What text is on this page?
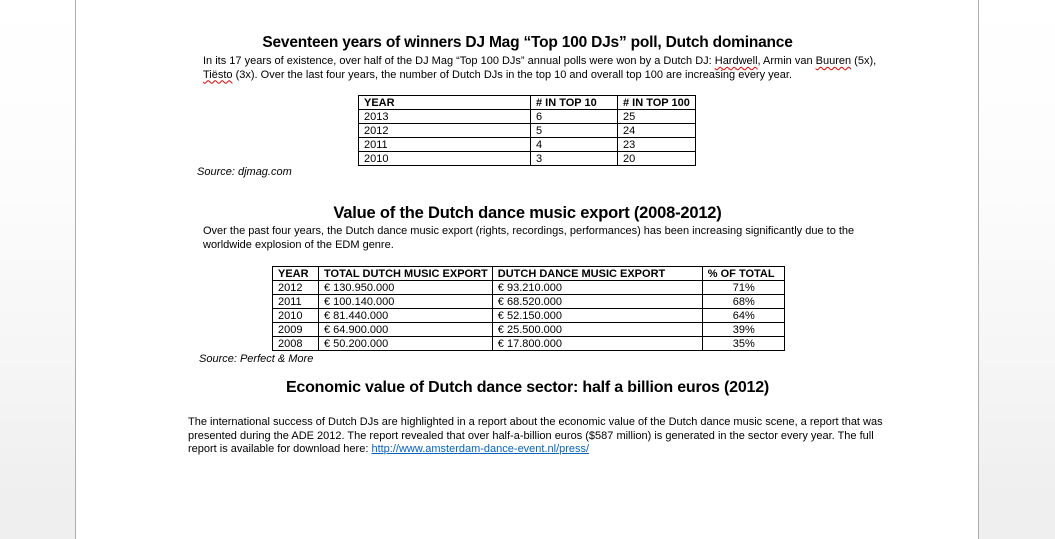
Seventeen years of winners DJ Mag “Top 100 DJs” poll, Dutch dominance
In its 17 years of existence, over half of the DJ Mag “Top 100 DJs” annual polls were won by a Dutch DJ: Hardwell, Armin van Buuren (5x), Tiësto (3x). Over the last four years, the number of Dutch DJs in the top 10 and overall top 100 are increasing every year.
YEAR	# IN TOP 10	# IN TOP 100
2013	6	25
2012	5	24
2011	4	23
2010	3	20
Source: djmag.com
Value of the Dutch dance music export (2008-2012)
Over the past four years, the Dutch dance music export (rights, recordings, performances) has been increasing significantly due to the worldwide explosion of the EDM genre.
YEAR	TOTAL DUTCH MUSIC EXPORT	DUTCH DANCE MUSIC EXPORT	% OF TOTAL
2012	€ 130.950.000	€ 93.210.000	71%
2011	€ 100.140.000	€ 68.520.000	68%
2010	€ 81.440.000	€ 52.150.000	64%
2009	€ 64.900.000	€ 25.500.000	39%
2008	€ 50.200.000	€ 17.800.000	35%
Source: Perfect & More
Economic value of Dutch dance sector: half a billion euros (2012)
The international success of Dutch DJs are highlighted in a report about the economic value of the Dutch dance music scene, a report that was presented during the ADE 2012. The report revealed that over half-a-billion euros ($587 million) is generated in the sector every year. The full report is available for download here: http://www.amsterdam-dance-event.nl/press/
